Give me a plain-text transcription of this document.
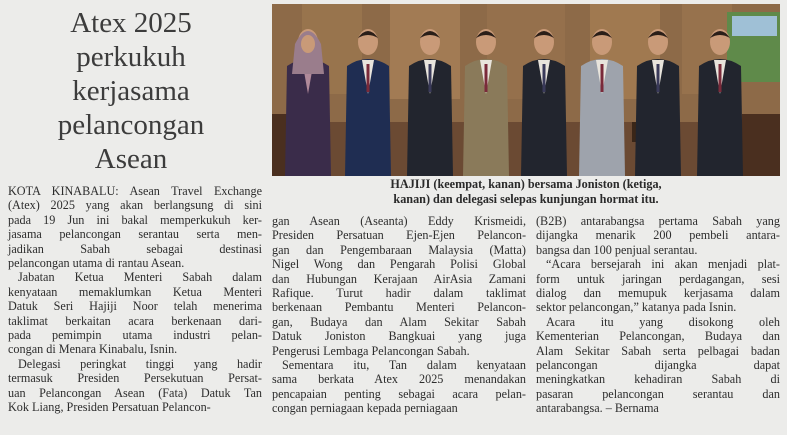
Atex 2025
perkukuh
kerjasama
pelancongan
Asean
HAJIJI (keempat, kanan) bersama Joniston (ketiga,
kanan) dan delegasi selepas kunjungan hormat itu.

KOTA KINABALU: Asean Travel Exchange
(Atex) 2025 yang akan berlangsung di sini
pada 19 Jun ini bakal memperkukuh ker-
jasama pelancongan serantau serta men-
jadikan Sabah sebagai destinasi
pelancongan utama di rantau Asean.

Jabatan Ketua Menteri Sabah dalam
kenyataan memaklumkan Ketua Menteri
Datuk Seri Hajiji Noor telah menerima
taklimat berkaitan acara berkenaan dari-
pada pemimpin utama industri pelan-
congan di Menara Kinabalu, Isnin.

Delegasi peringkat tinggi yang hadir
termasuk Presiden Persekutuan Persat-
uan Pelancongan Asean (Fata) Datuk Tan
Kok Liang, Presiden Persatuan Pelancon-

gan Asean (Aseanta) Eddy Krismeidi,
Presiden Persatuan Ejen-Ejen Pelancon-
gan dan Pengembaraan Malaysia (Matta)
Nigel Wong dan Pengarah Polisi Global
dan Hubungan Kerajaan AirAsia Zamani
Rafique. Turut hadir dalam taklimat
berkenaan Pembantu Menteri Pelancon-
gan, Budaya dan Alam Sekitar Sabah
Datuk Joniston Bangkuai yang juga
Pengerusi Lembaga Pelancongan Sabah.

Sementara itu, Tan dalam kenyataan
sama berkata Atex 2025 menandakan
pencapaian penting sebagai acara pelan-
congan perniagaan kepada perniagaan

(B2B) antarabangsa pertama Sabah yang
dijangka menarik 200 pembeli antara-
bangsa dan 100 penjual serantau.

“Acara bersejarah ini akan menjadi plat-
form untuk jaringan perdagangan, sesi
dialog dan memupuk kerjasama dalam
sektor pelancongan,” katanya pada Isnin.

Acara itu yang disokong oleh
Kementerian Pelancongan, Budaya dan
Alam Sekitar Sabah serta pelbagai badan
pelancongan dijangka dapat
meningkatkan kehadiran Sabah di
pasaran pelancongan serantau dan
antarabangsa. – Bernama
